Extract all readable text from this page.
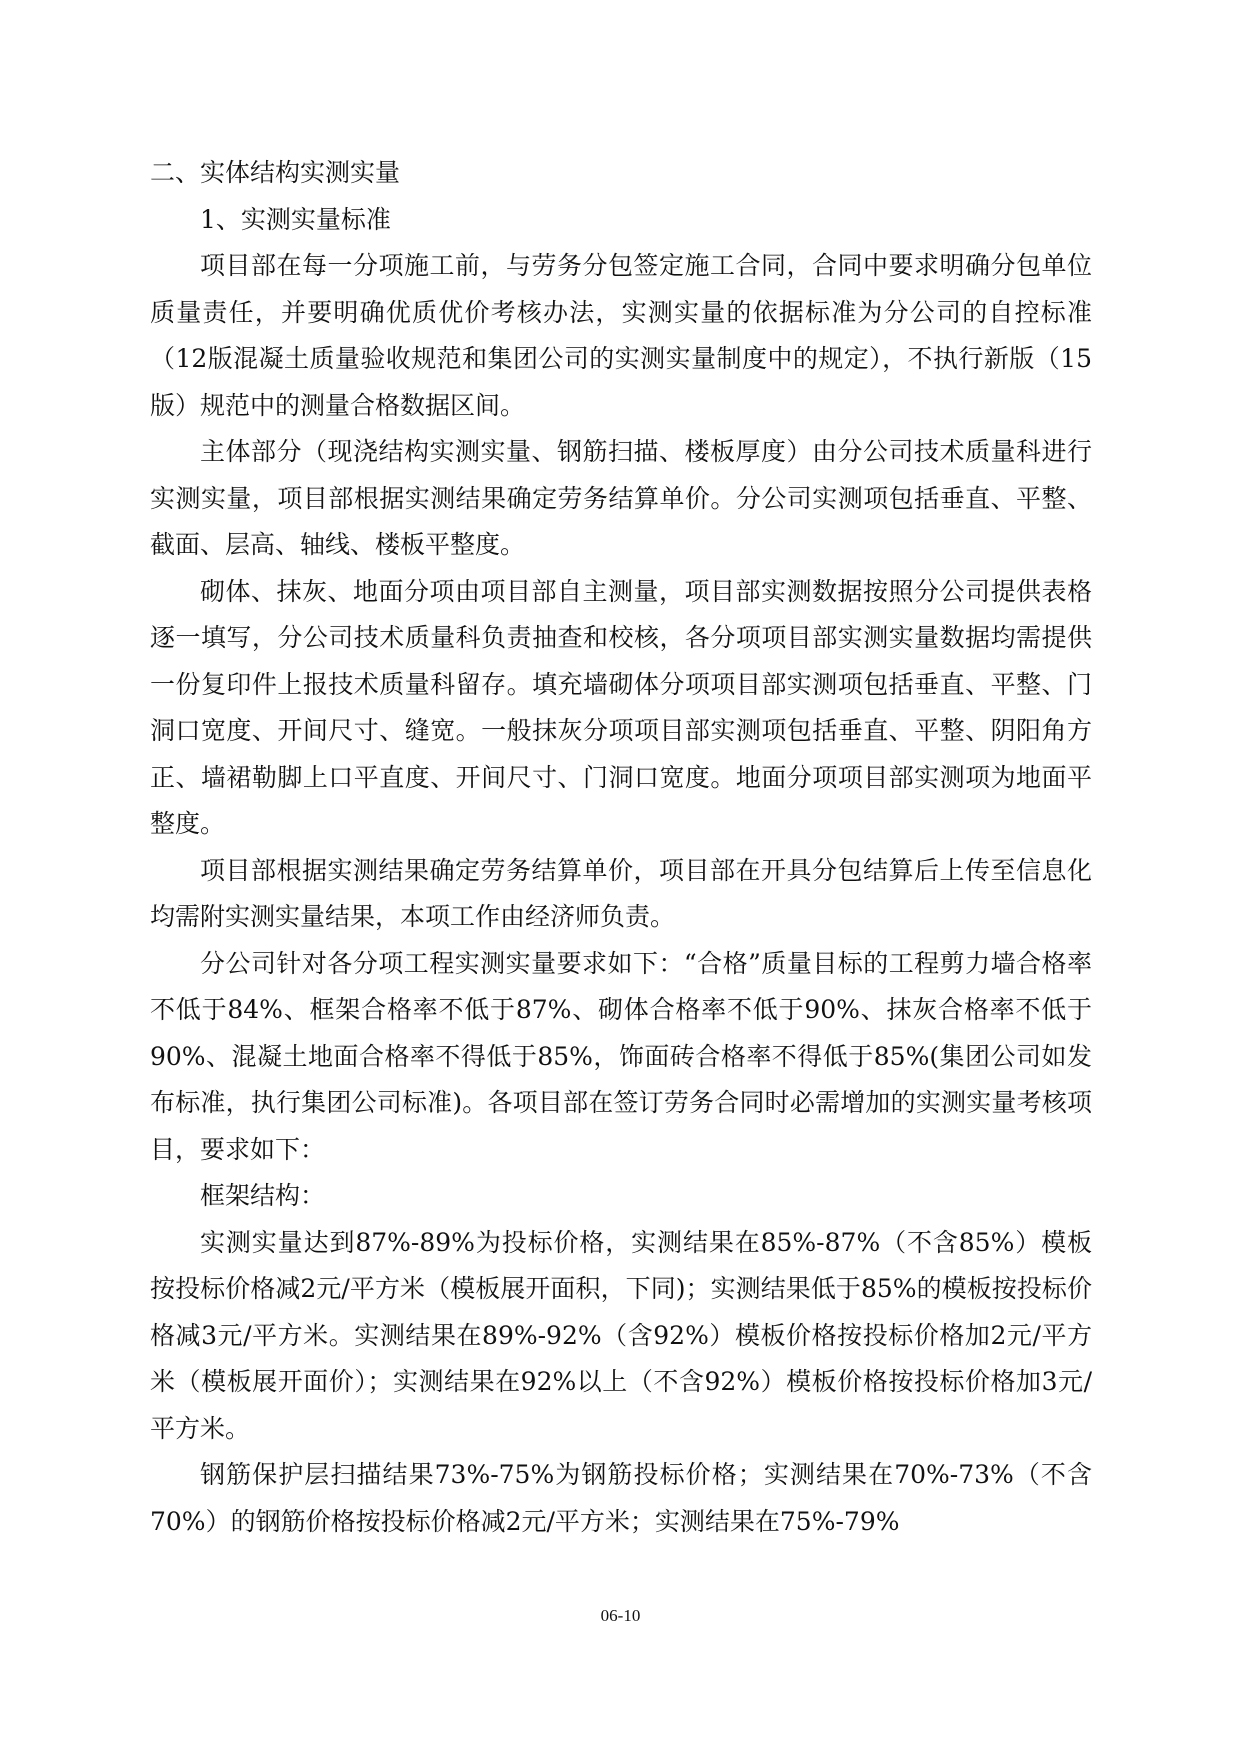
二、实体结构实测实量

1、实测实量标准

项目部在每一分项施工前，与劳务分包签定施工合同，合同中要求明确分包单位质量责任，并要明确优质优价考核办法，实测实量的依据标准为分公司的自控标准（12版混凝土质量验收规范和集团公司的实测实量制度中的规定），不执行新版（15版）规范中的测量合格数据区间。

主体部分（现浇结构实测实量、钢筋扫描、楼板厚度）由分公司技术质量科进行实测实量，项目部根据实测结果确定劳务结算单价。分公司实测项包括垂直、平整、截面、层高、轴线、楼板平整度。

砌体、抹灰、地面分项由项目部自主测量，项目部实测数据按照分公司提供表格逐一填写，分公司技术质量科负责抽查和校核，各分项项目部实测实量数据均需提供一份复印件上报技术质量科留存。填充墙砌体分项项目部实测项包括垂直、平整、门洞口宽度、开间尺寸、缝宽。一般抹灰分项项目部实测项包括垂直、平整、阴阳角方正、墙裙勒脚上口平直度、开间尺寸、门洞口宽度。地面分项项目部实测项为地面平整度。

项目部根据实测结果确定劳务结算单价，项目部在开具分包结算后上传至信息化均需附实测实量结果，本项工作由经济师负责。

分公司针对各分项工程实测实量要求如下：“合格”质量目标的工程剪力墙合格率不低于84%、框架合格率不低于87%、砌体合格率不低于90%、抹灰合格率不低于90%、混凝土地面合格率不得低于85%，饰面砖合格率不得低于85%(集团公司如发布标准，执行集团公司标准)。各项目部在签订劳务合同时必需增加的实测实量考核项目，要求如下：

框架结构：

实测实量达到87%-89%为投标价格，实测结果在85%-87%（不含85%）模板按投标价格减2元/平方米（模板展开面积，下同)；实测结果低于85%的模板按投标价格减3元/平方米。实测结果在89%-92%（含92%）模板价格按投标价格加2元/平方米（模板展开面价）；实测结果在92%以上（不含92%）模板价格按投标价格加3元/平方米。

钢筋保护层扫描结果73%-75%为钢筋投标价格；实测结果在70%-73%（不含70%）的钢筋价格按投标价格减2元/平方米；实测结果在75%-79%

06-10
